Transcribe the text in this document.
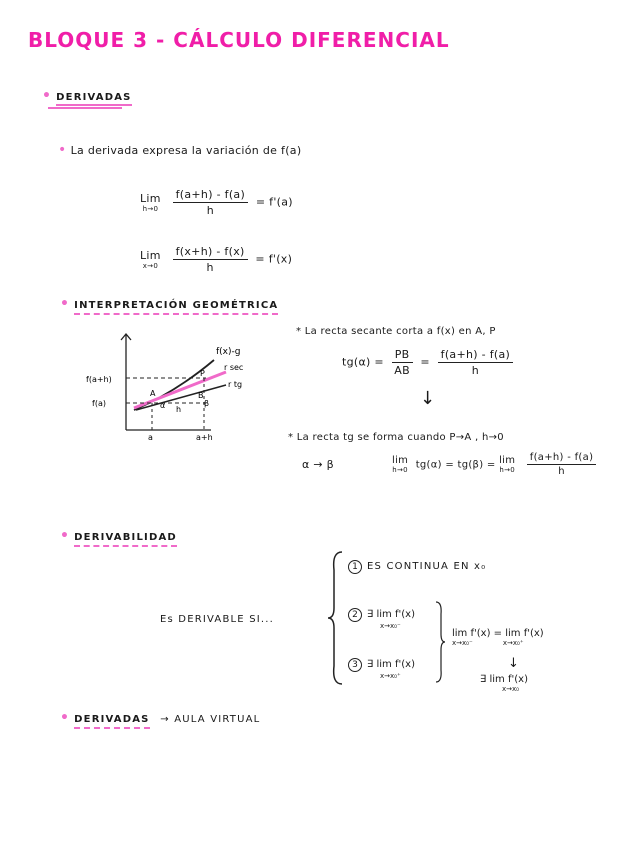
BLOQUE 3 - CÁLCULO DIFERENCIAL
• DERIVADAS
• La derivada expresa la variación de f(a)
Lim
h→0
$\frac{f(a+h) - f(a)}{h} = f'(a)$
Lim
x→0
$\frac{f(x+h) - f(x)}{h} = f'(x)$
• INTERPRETACIÓN GEOMÉTRICA
f(x)-g
r sec
r tg
f(a+h)
f(a)
a	a+h
P
A	B
α	β
h
* La recta secante corta a f(x) en A, P
$tg(\alpha) = \frac{PB}{AB} = \frac{f(a+h) - f(a)}{h}$
↓
* La recta tg se forma cuando P→A , h→0
α → β	lim
h→0 tg(α) = tg(β) = lim
h→0
$\frac{f(a+h) - f(a)}{h}$
• DERIVABILIDAD
Es DERIVABLE SI...
1 ES CONTINUA EN x₀
2 ∃ lim f'(x)
x→x₀⁻
3 ∃ lim f'(x)
x→x₀⁺
lim f'(x) = lim f'(x)
x→x₀⁻	x→x₀⁺
↓
∃ lim f'(x)
x→x₀
• DERIVADAS → AULA VIRTUAL
